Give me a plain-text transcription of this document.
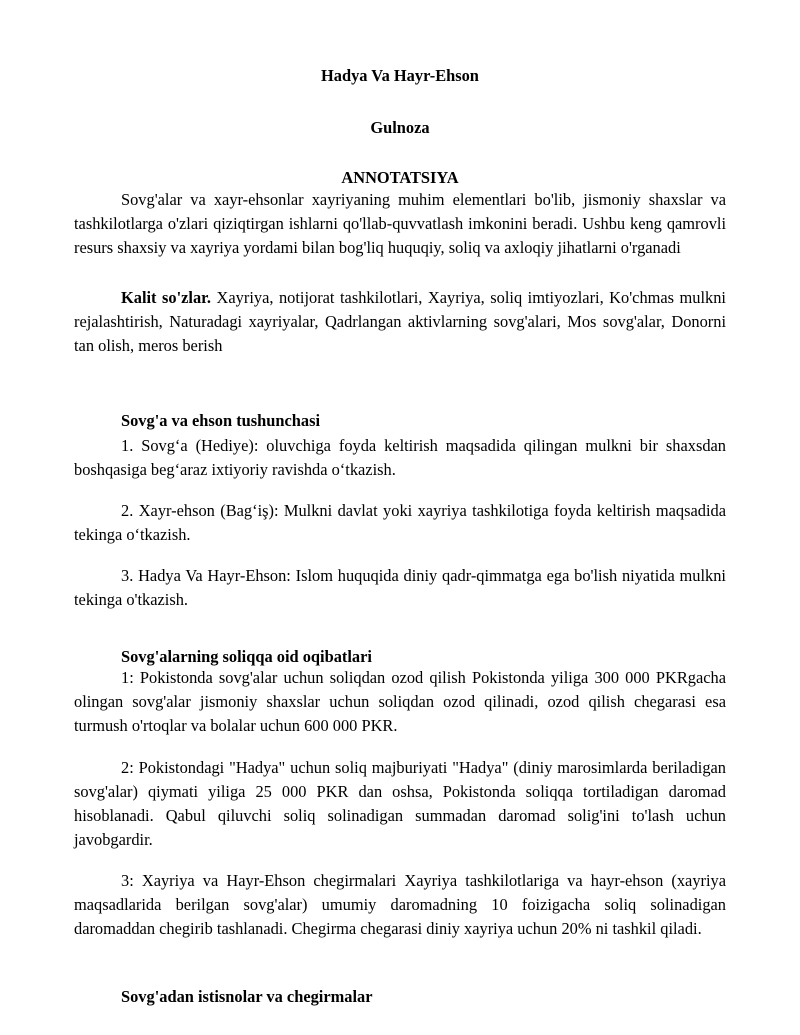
Hadya Va Hayr-Ehson
Gulnoza
ANNOTATSIYA
Sovg'alar va xayr-ehsonlar xayriyaning muhim elementlari bo'lib, jismoniy shaxslar va tashkilotlarga o'zlari qiziqtirgan ishlarni qo'llab-quvvatlash imkonini beradi. Ushbu keng qamrovli resurs shaxsiy va xayriya yordami bilan bog'liq huquqiy, soliq va axloqiy jihatlarni o'rganadi
Kalit so'zlar. Xayriya, notijorat tashkilotlari, Xayriya, soliq imtiyozlari, Ko'chmas mulkni rejalashtirish, Naturadagi xayriyalar, Qadrlangan aktivlarning sovg'alari, Mos sovg'alar, Donorni tan olish, meros berish
Sovg'a va ehson tushunchasi
1. Sovg‘a (Hediye): oluvchiga foyda keltirish maqsadida qilingan mulkni bir shaxsdan boshqasiga beg‘araz ixtiyoriy ravishda o‘tkazish.
2. Xayr-ehson (Bag‘iş): Mulkni davlat yoki xayriya tashkilotiga foyda keltirish maqsadida tekinga o‘tkazish.
3. Hadya Va Hayr-Ehson: Islom huquqida diniy qadr-qimmatga ega bo'lish niyatida mulkni tekinga o'tkazish.
Sovg'alarning soliqqa oid oqibatlari
1: Pokistonda sovg'alar uchun soliqdan ozod qilish Pokistonda yiliga 300 000 PKRgacha olingan sovg'alar jismoniy shaxslar uchun soliqdan ozod qilinadi, ozod qilish chegarasi esa turmush o'rtoqlar va bolalar uchun 600 000 PKR.
2: Pokistondagi "Hadya" uchun soliq majburiyati "Hadya" (diniy marosimlarda beriladigan sovg'alar) qiymati yiliga 25 000 PKR dan oshsa, Pokistonda soliqqa tortiladigan daromad hisoblanadi. Qabul qiluvchi soliq solinadigan summadan daromad solig'ini to'lash uchun javobgardir.
3: Xayriya va Hayr-Ehson chegirmalari Xayriya tashkilotlariga va hayr-ehson (xayriya maqsadlarida berilgan sovg'alar) umumiy daromadning 10 foizigacha soliq solinadigan daromaddan chegirib tashlanadi. Chegirma chegarasi diniy xayriya uchun 20% ni tashkil qiladi.
Sovg'adan istisnolar va chegirmalar
